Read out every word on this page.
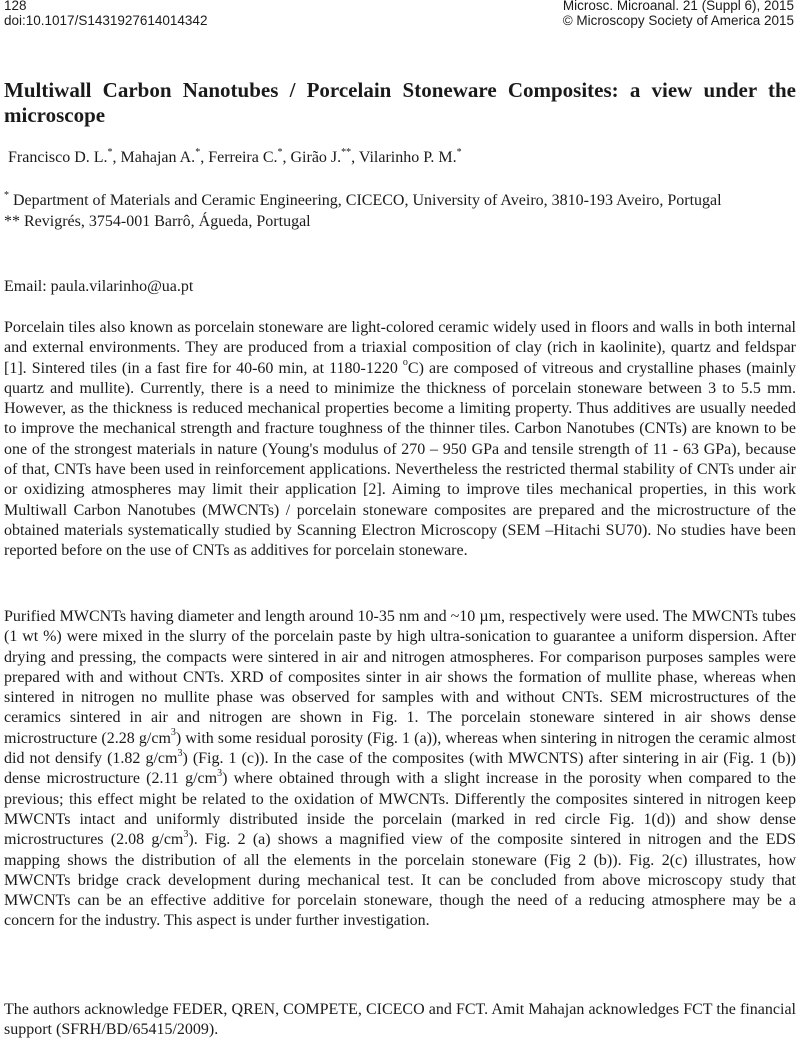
128
doi:10.1017/S1431927614014342
Microsc. Microanal. 21 (Suppl 6), 2015
© Microscopy Society of America 2015
Multiwall Carbon Nanotubes / Porcelain Stoneware Composites: a view under the microscope
Francisco D. L.*, Mahajan A.*, Ferreira C.*, Girão J.**, Vilarinho P. M.*

* Department of Materials and Ceramic Engineering, CICECO, University of Aveiro, 3810-193 Aveiro, Portugal

** Revigrés, 3754-001 Barrô, Águeda, Portugal

Email: paula.vilarinho@ua.pt

Porcelain tiles also known as porcelain stoneware are light-colored ceramic widely used in floors and walls in both internal and external environments. They are produced from a triaxial composition of clay (rich in kaolinite), quartz and feldspar [1]. Sintered tiles (in a fast fire for 40-60 min, at 1180-1220 $^o$C) are composed of vitreous and crystalline phases (mainly quartz and mullite). Currently, there is a need to minimize the thickness of porcelain stoneware between 3 to 5.5 mm. However, as the thickness is reduced mechanical properties become a limiting property. Thus additives are usually needed to improve the mechanical strength and fracture toughness of the thinner tiles. Carbon Nanotubes (CNTs) are known to be one of the strongest materials in nature (Young's modulus of 270 – 950 GPa and tensile strength of 11 - 63 GPa), because of that, CNTs have been used in reinforcement applications. Nevertheless the restricted thermal stability of CNTs under air or oxidizing atmospheres may limit their application [2]. Aiming to improve tiles mechanical properties, in this work Multiwall Carbon Nanotubes (MWCNTs) / porcelain stoneware composites are prepared and the microstructure of the obtained materials systematically studied by Scanning Electron Microscopy (SEM –Hitachi SU70). No studies have been reported before on the use of CNTs as additives for porcelain stoneware.

Purified MWCNTs having diameter and length around 10-35 nm and ~10 µm, respectively were used. The MWCNTs tubes (1 wt %) were mixed in the slurry of the porcelain paste by high ultra-sonication to guarantee a uniform dispersion. After drying and pressing, the compacts were sintered in air and nitrogen atmospheres. For comparison purposes samples were prepared with and without CNTs. XRD of composites sinter in air shows the formation of mullite phase, whereas when sintered in nitrogen no mullite phase was observed for samples with and without CNTs. SEM microstructures of the ceramics sintered in air and nitrogen are shown in Fig. 1. The porcelain stoneware sintered in air shows dense microstructure (2.28 $g/cm^3$) with some residual porosity (Fig. 1 (a)), whereas when sintering in nitrogen the ceramic almost did not densify (1.82 $g/cm^3$) (Fig. 1 (c)). In the case of the composites (with MWCNTS) after sintering in air (Fig. 1 (b)) dense microstructure (2.11 $g/cm^3$) where obtained through with a slight increase in the porosity when compared to the previous; this effect might be related to the oxidation of MWCNTs. Differently the composites sintered in nitrogen keep MWCNTs intact and uniformly distributed inside the porcelain (marked in red circle Fig. 1(d)) and show dense microstructures (2.08 $g/cm^3$). Fig. 2 (a) shows a magnified view of the composite sintered in nitrogen and the EDS mapping shows the distribution of all the elements in the porcelain stoneware (Fig 2 (b)). Fig. 2(c) illustrates, how MWCNTs bridge crack development during mechanical test. It can be concluded from above microscopy study that MWCNTs can be an effective additive for porcelain stoneware, though the need of a reducing atmosphere may be a concern for the industry. This aspect is under further investigation.

The authors acknowledge FEDER, QREN, COMPETE, CICECO and FCT. Amit Mahajan acknowledges FCT the financial support (SFRH/BD/65415/2009).
